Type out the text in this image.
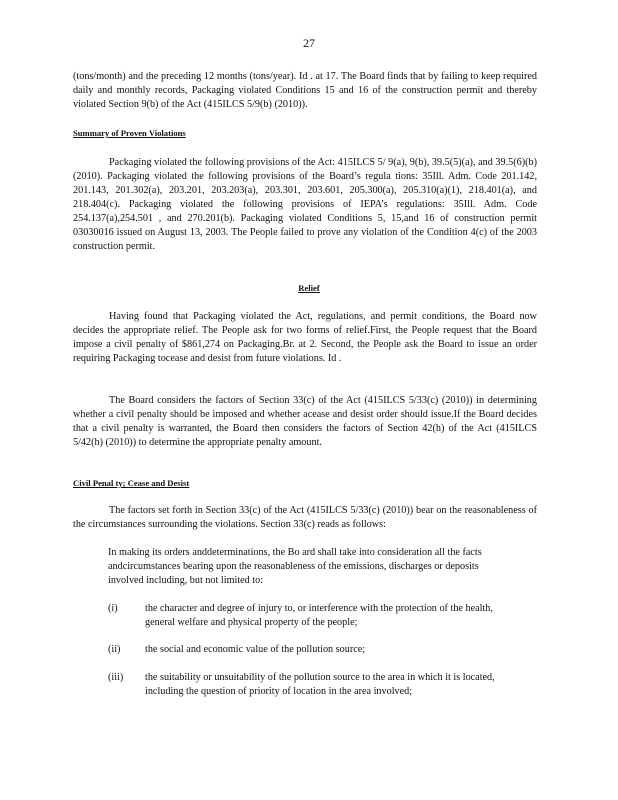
27

(tons/month) and the preceding 12 months (tons/year). Id . at 17. The Board finds that by failing to keep required daily and monthly records, Packaging violated Conditions 15 and 16 of the construction permit and thereby violated Section 9(b) of the Act (415ILCS 5/9(b) (2010)).

Summary of Proven Violations

Packaging violated the following provisions of the Act: 415ILCS 5/ 9(a), 9(b), 39.5(5)(a), and 39.5(6)(b) (2010). Packaging violated the following provisions of the Board’s regula tions: 35Ill. Adm. Code 201.142, 201.143, 201.302(a), 203.201, 203.203(a), 203.301, 203.601, 205.300(a), 205.310(a)(1), 218.401(a), and 218.404(c). Packaging violated the following provisions of IEPA’s regulations: 35Ill. Adm. Code 254.137(a),254.501 , and 270.201(b). Packaging violated Conditions 5, 15,and 16 of construction permit 03030016 issued on August 13, 2003. The People failed to prove any violation of the Condition 4(c) of the 2003 construction permit.

Relief

Having found that Packaging violated the Act, regulations, and permit conditions, the Board now decides the appropriate relief. The People ask for two forms of relief.First, the People request that the Board impose a civil penalty of $861,274 on Packaging.Br. at 2. Second, the People ask the Board to issue an order requiring Packaging tocease and desist from future violations. Id .

The Board considers the factors of Section 33(c) of the Act (415ILCS 5/33(c) (2010)) in determining whether a civil penalty should be imposed and whether acease and desist order should issue.If the Board decides that a civil penalty is warranted, the Board then considers the factors of Section 42(h) of the Act (415ILCS 5/42(h) (2010)) to determine the appropriate penalty amount.

Civil Penal ty; Cease and Desist

The factors set forth in Section 33(c) of the Act (415ILCS 5/33(c) (2010)) bear on the reasonableness of the circumstances surrounding the violations. Section 33(c) reads as follows:

In making its orders anddeterminations, the Bo ard shall take into consideration all the facts andcircumstances bearing upon the reasonableness of the emissions, discharges or deposits involved including, but not limited to:
(i)	the character and degree of injury to, or interference with the protection of the health, general welfare and physical property of the people;
(ii) the social and economic value of the pollution source;
(iii) the suitability or unsuitability of the pollution source to the area in which it is located, including the question of priority of location in the area involved;
